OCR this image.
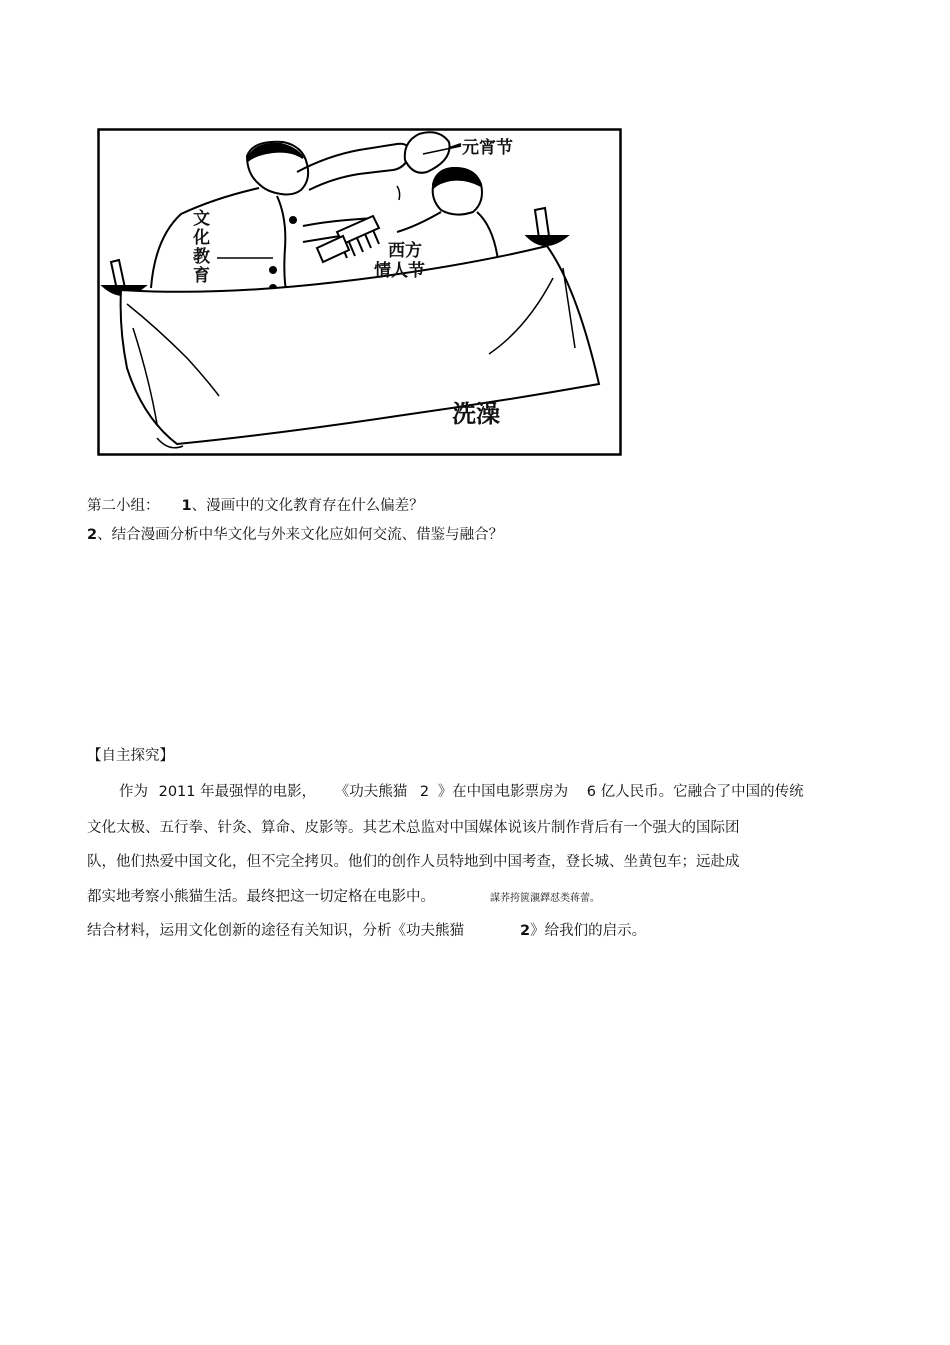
元宵节
文
化
教
育
西方
情人节
洗澡
第二小组： 1、漫画中的文化教育存在什么偏差？
2、结合漫画分析中华文化与外来文化应如何交流、借鉴与融合？
【自主探究】
作为 2011 年最强悍的电影， 《功夫熊猫 2 》在中国电影票房为 6 亿人民币。它融合了中国的传统
文化太极、五行拳、针灸、算命、皮影等。其艺术总监对中国媒体说该片制作背后有一个强大的国际团
队，他们热爱中国文化，但不完全拷贝。他们的创作人员特地到中国考查，登长城、坐黄包车；远赴成
都实地考察小熊猫生活。最终把这一切定格在电影中。	謀荞挎篋瀙鐸怼类蒋蕾。
结合材料，运用文化创新的途径有关知识，分析《功夫熊猫	2》给我们的启示。
